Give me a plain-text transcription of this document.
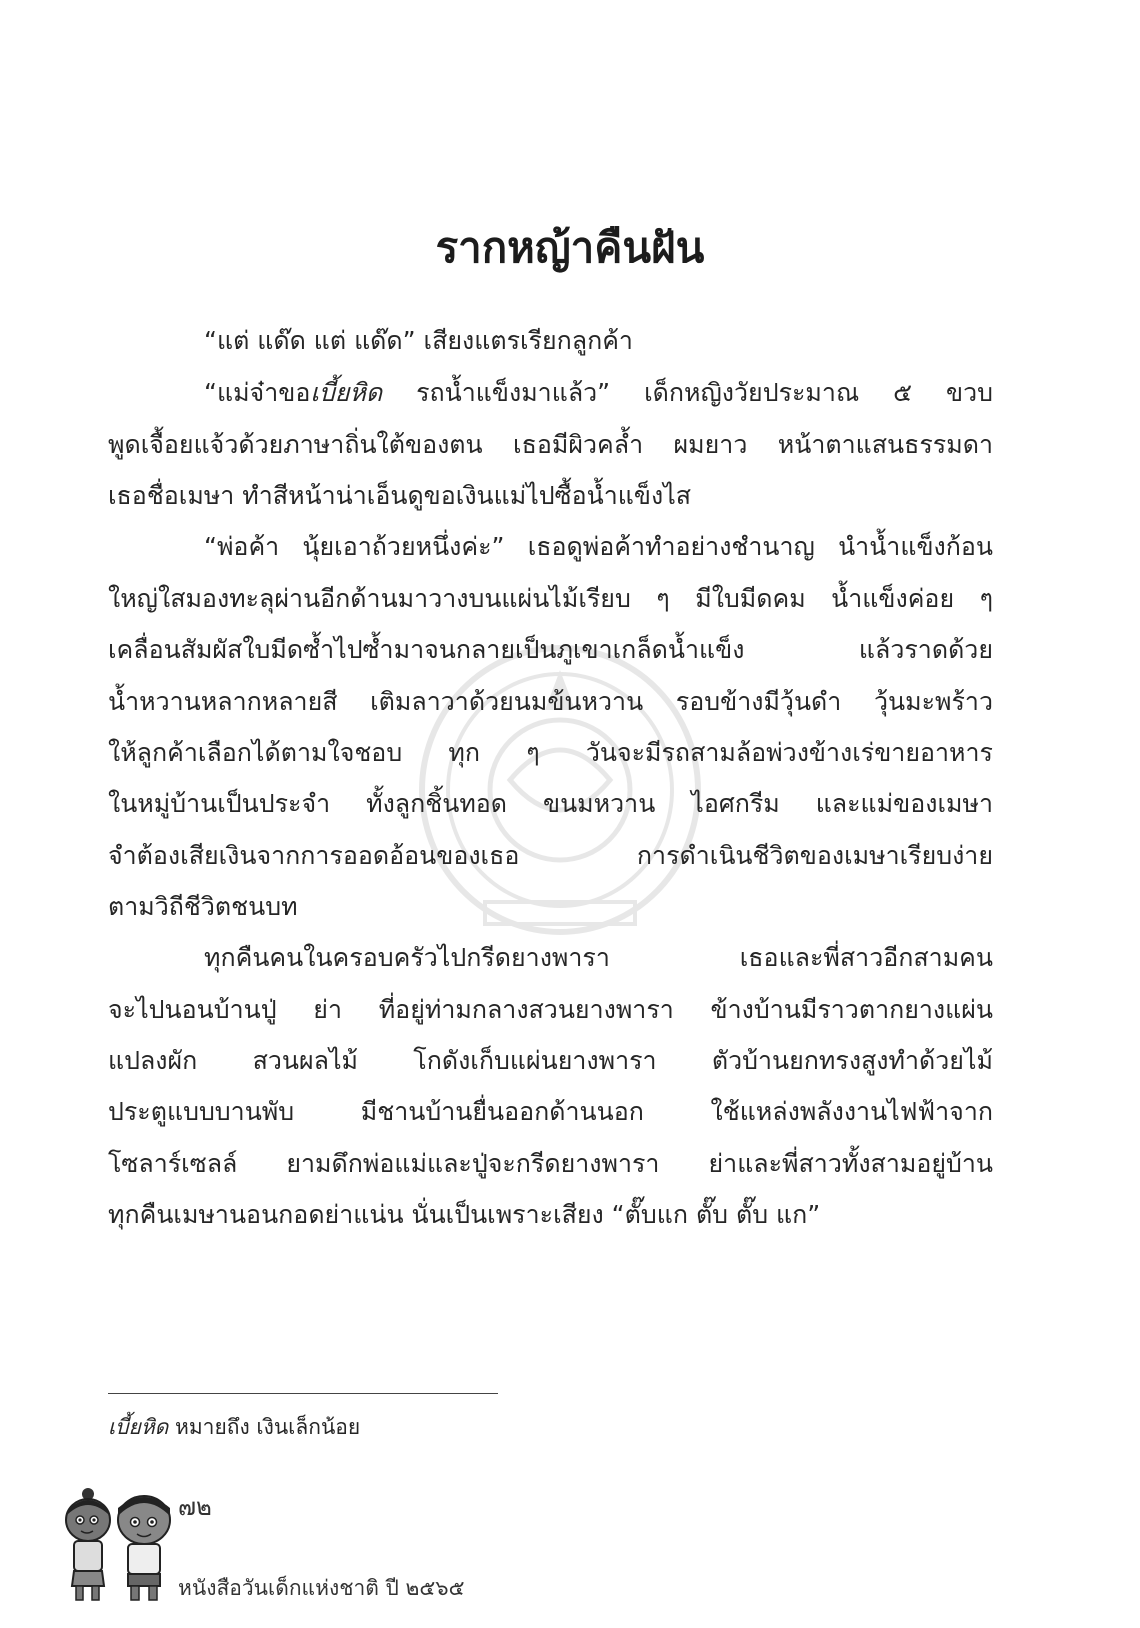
รากหญ้าคืนฝัน
“แต่ แด๊ด แต่ แด๊ด” เสียงแตรเรียกลูกค้า
“แม่จ๋าขอเบี้ยหิด รถน้ำแข็งมาแล้ว” เด็กหญิงวัยประมาณ ๕ ขวบ
พูดเจื้อยแจ้วด้วยภาษาถิ่นใต้ของตน เธอมีผิวคล้ำ ผมยาว หน้าตาแสนธรรมดา
เธอชื่อเมษา ทำสีหน้าน่าเอ็นดูขอเงินแม่ไปซื้อน้ำแข็งไส
“พ่อค้า นุ้ยเอาถ้วยหนึ่งค่ะ” เธอดูพ่อค้าทำอย่างชำนาญ นำน้ำแข็งก้อน
ใหญ่ใสมองทะลุผ่านอีกด้านมาวางบนแผ่นไม้เรียบ ๆ มีใบมีดคม น้ำแข็งค่อย ๆ
เคลื่อนสัมผัสใบมีดซ้ำไปซ้ำมาจนกลายเป็นภูเขาเกล็ดน้ำแข็ง แล้วราดด้วย
น้ำหวานหลากหลายสี เติมลาวาด้วยนมข้นหวาน รอบข้างมีวุ้นดำ วุ้นมะพร้าว
ให้ลูกค้าเลือกได้ตามใจชอบ ทุก ๆ วันจะมีรถสามล้อพ่วงข้างเร่ขายอาหาร
ในหมู่บ้านเป็นประจำ ทั้งลูกชิ้นทอด ขนมหวาน ไอศกรีม และแม่ของเมษา
จำต้องเสียเงินจากการออดอ้อนของเธอ การดำเนินชีวิตของเมษาเรียบง่าย
ตามวิถีชีวิตชนบท
ทุกคืนคนในครอบครัวไปกรีดยางพารา เธอและพี่สาวอีกสามคน
จะไปนอนบ้านปู่ ย่า ที่อยู่ท่ามกลางสวนยางพารา ข้างบ้านมีราวตากยางแผ่น
แปลงผัก สวนผลไม้ โกดังเก็บแผ่นยางพารา ตัวบ้านยกทรงสูงทำด้วยไม้
ประตูแบบบานพับ มีชานบ้านยื่นออกด้านนอก ใช้แหล่งพลังงานไฟฟ้าจาก
โซลาร์เซลล์ ยามดึกพ่อแม่และปู่จะกรีดยางพารา ย่าและพี่สาวทั้งสามอยู่บ้าน
ทุกคืนเมษานอนกอดย่าแน่น นั่นเป็นเพราะเสียง “ตั๊บแก ตั๊บ ตั๊บ แก”
เบี้ยหิด หมายถึง เงินเล็กน้อย
๗๒
หนังสือวันเด็กแห่งชาติ ปี ๒๕๖๕
